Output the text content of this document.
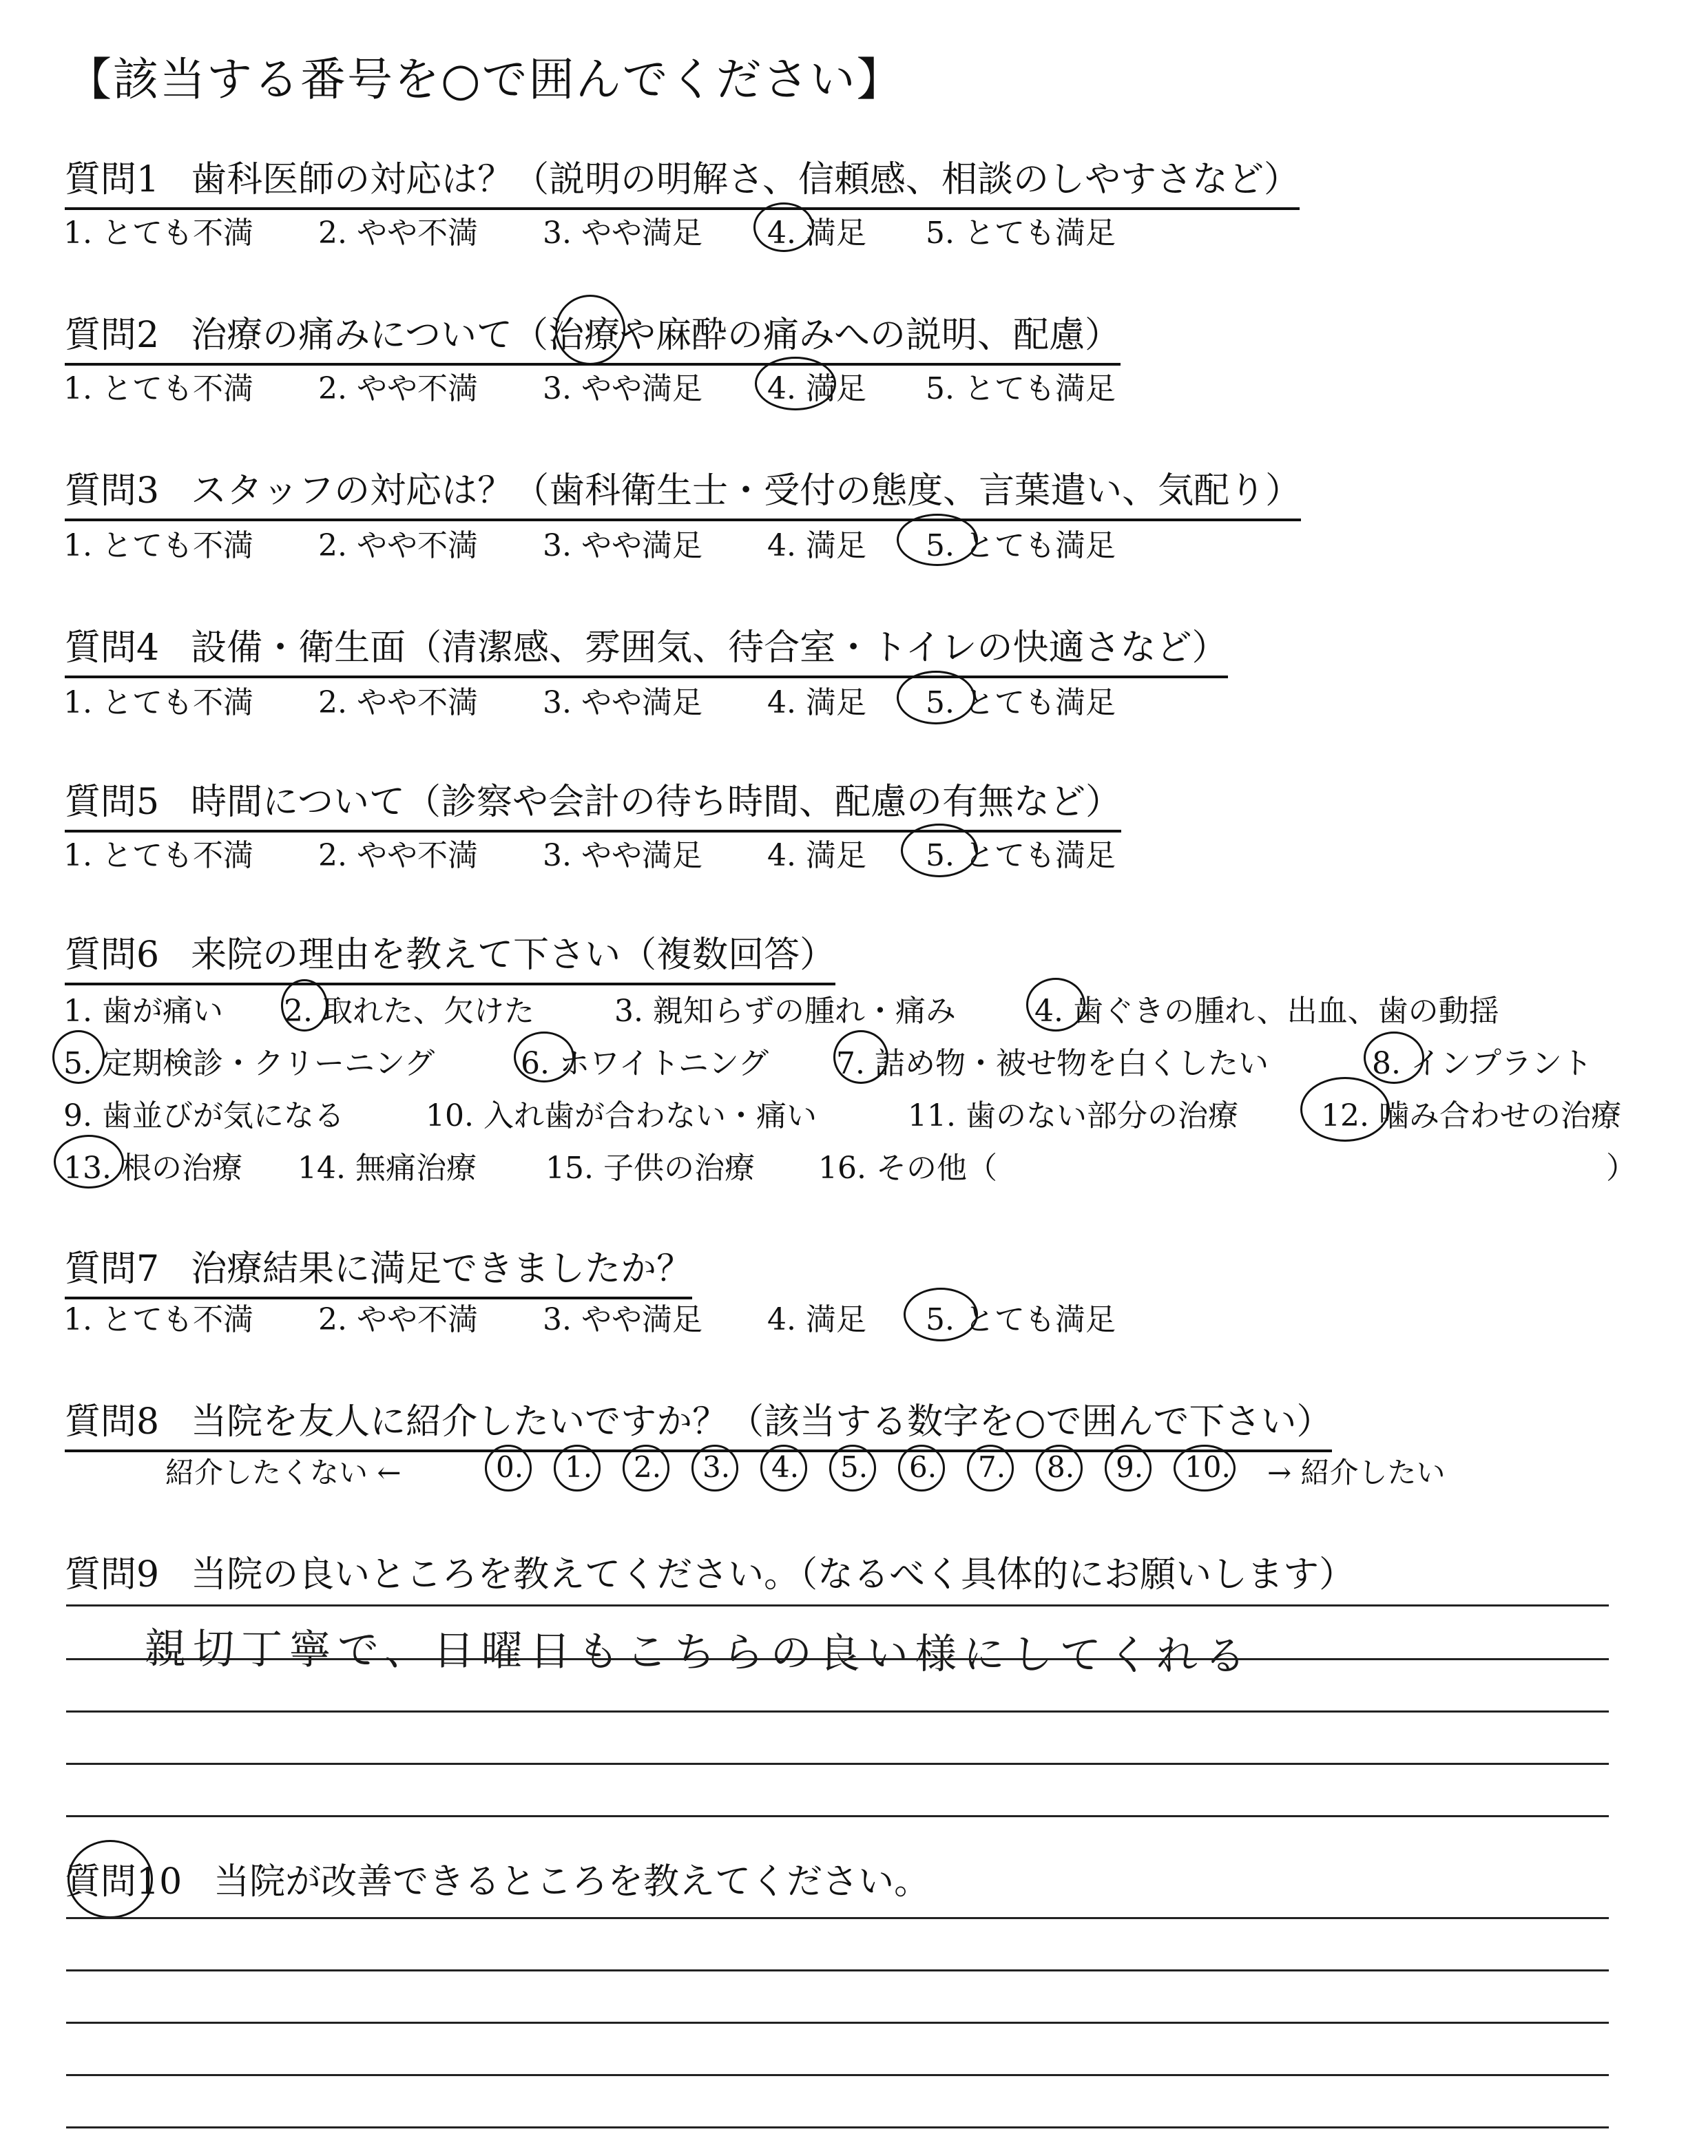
【該当する番号を○で囲んでください】
質問1 歯科医師の対応は？（説明の明解さ、信頼感、相談のしやすさなど）
1. とても不満 2. やや不満 3. やや満足 4. 満足 5. とても満足
質問2 治療の痛みについて（治療や麻酔の痛みへの説明、配慮）
1. とても不満 2. やや不満 3. やや満足 4. 満足 5. とても満足
質問3 スタッフの対応は？（歯科衛生士・受付の態度、言葉遣い、気配り）
1. とても不満 2. やや不満 3. やや満足 4. 満足 5. とても満足
質問4 設備・衛生面（清潔感、雰囲気、待合室・トイレの快適さなど）
1. とても不満 2. やや不満 3. やや満足 4. 満足 5. とても満足
質問5 時間について（診察や会計の待ち時間、配慮の有無など）
1. とても不満 2. やや不満 3. やや満足 4. 満足 5. とても満足
質問6 来院の理由を教えて下さい（複数回答）
1. 歯が痛い 2. 取れた、欠けた	3. 親知らずの腫れ・痛み	4. 歯ぐきの腫れ、出血、歯の動揺
5. 定期検診・クリーニング	6. ホワイトニング 7. 詰め物・被せ物を白くしたい	8. インプラント
9. 歯並びが気になる	10. 入れ歯が合わない・痛い	11. 歯のない部分の治療	12. 噛み合わせの治療
13. 根の治療 14. 無痛治療 15. 子供の治療 16. その他（	）
質問7 治療結果に満足できましたか？
1. とても不満 2. やや不満 3. やや満足 4. 満足 5. とても満足
質問8 当院を友人に紹介したいですか？（該当する数字を○で囲んで下さい）
紹介したくない ←	0. 1. 2. 3. 4. 5. 6. 7. 8. 9. 10. → 紹介したい
質問9 当院の良いところを教えてください。（なるべく具体的にお願いします）
親切丁寧で、日曜日もこちらの良い様にしてくれる
質問10 当院が改善できるところを教えてください。
